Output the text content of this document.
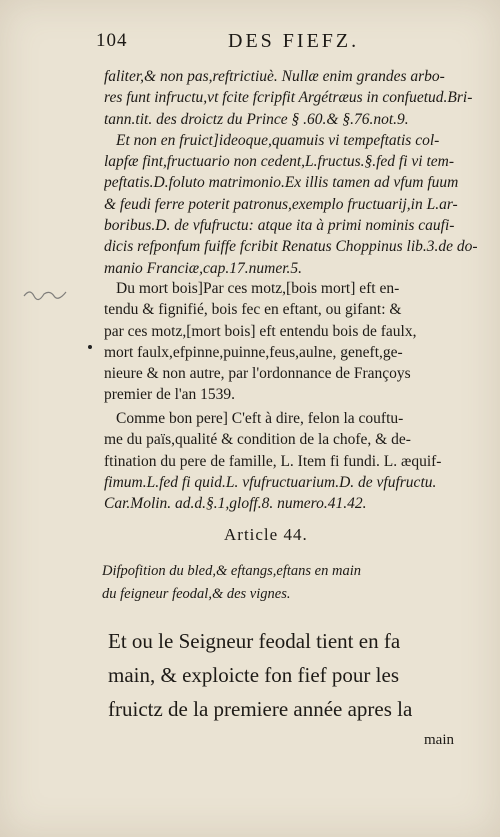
104	DES FIEFZ.
faliter,& non pas,reftrictiuè. Nullæ enim grandes arbo-
res funt infructu,vt fcite fcripfit Argétræus in confuetud.Bri-
tann.tit. des droictz du Prince § .60.& §.76.not.9.
Et non en fruict]ideoque,quamuis vi tempeftatis col-
lapfæ fint,fructuario non cedent,L.fructus.§.fed fi vi tem-
peftatis.D.foluto matrimonio.Ex illis tamen ad vfum fuum
& feudi ferre poterit patronus,exemplo fructuarij,in L.ar-
boribus.D. de vfufructu: atque ita à primi nominis caufi-
dicis refponfum fuiffe fcribit Renatus Choppinus lib.3.de do-
manio Franciæ,cap.17.numer.5.
Du mort bois]Par ces motz,[bois mort] eft en-
tendu & fignifié, bois fec en eftant, ou gifant: &
par ces motz,[mort bois] eft entendu bois de faulx,
mort faulx,efpinne,puinne,feus,aulne, geneft,ge-
nieure & non autre, par l'ordonnance de Françoys
premier de l'an 1539.
Comme bon pere] C'eft à dire, felon la couftu-
me du païs,qualité & condition de la chofe, & de-
ftination du pere de famille, L. Item fi fundi. L. æquif-
fimum.L.fed fi quid.L. vfufructuarium.D. de vfufructu.
Car.Molin. ad.d.§.1,gloff.8. numero.41.42.
Article 44.
Difpofition du bled,& eftangs,eftans en main
du feigneur feodal,& des vignes.
Et ou le Seigneur feodal tient en fa
main, & exploicte fon fief pour les
fruictz de la premiere année apres la
main
